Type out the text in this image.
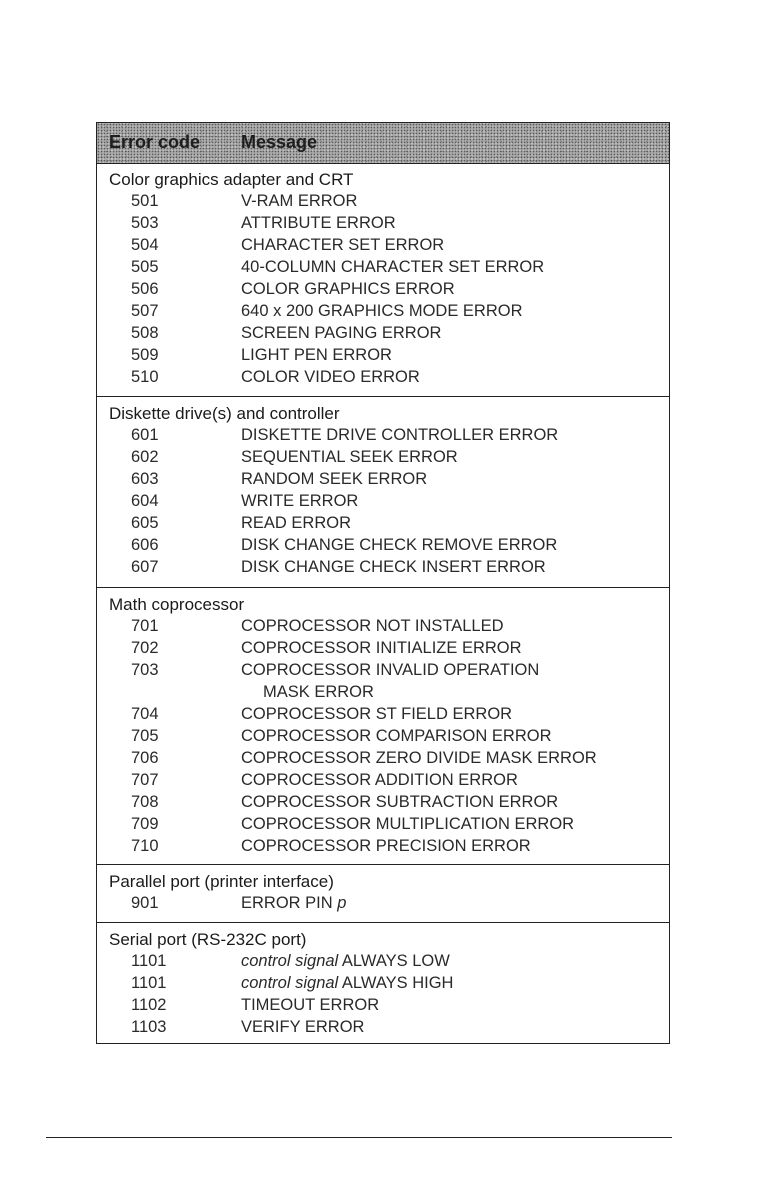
Error code Message
Color graphics adapter and CRT
501	V-RAM ERROR
503	ATTRIBUTE ERROR
504	CHARACTER SET ERROR
505	40-COLUMN CHARACTER SET ERROR
506	COLOR GRAPHICS ERROR
507	640 x 200 GRAPHICS MODE ERROR
508	SCREEN PAGING ERROR
509	LIGHT PEN ERROR
510	COLOR VIDEO ERROR
Diskette drive(s) and controller
601	DISKETTE DRIVE CONTROLLER ERROR
602	SEQUENTIAL SEEK ERROR
603	RANDOM SEEK ERROR
604	WRITE ERROR
605	READ ERROR
606	DISK CHANGE CHECK REMOVE ERROR
607	DISK CHANGE CHECK INSERT ERROR
Math coprocessor
701	COPROCESSOR NOT INSTALLED
702	COPROCESSOR INITIALIZE ERROR
703	COPROCESSOR INVALID OPERATION
MASK ERROR
704	COPROCESSOR ST FIELD ERROR
705	COPROCESSOR COMPARISON ERROR
706	COPROCESSOR ZERO DIVIDE MASK ERROR
707	COPROCESSOR ADDITION ERROR
708	COPROCESSOR SUBTRACTION ERROR
709	COPROCESSOR MULTIPLICATION ERROR
710	COPROCESSOR PRECISION ERROR
Parallel port (printer interface)
901	ERROR PIN p
Serial port (RS-232C port)
1101	control signal ALWAYS LOW
1101	control signal ALWAYS HIGH
1102	TIMEOUT ERROR
1103	VERIFY ERROR
